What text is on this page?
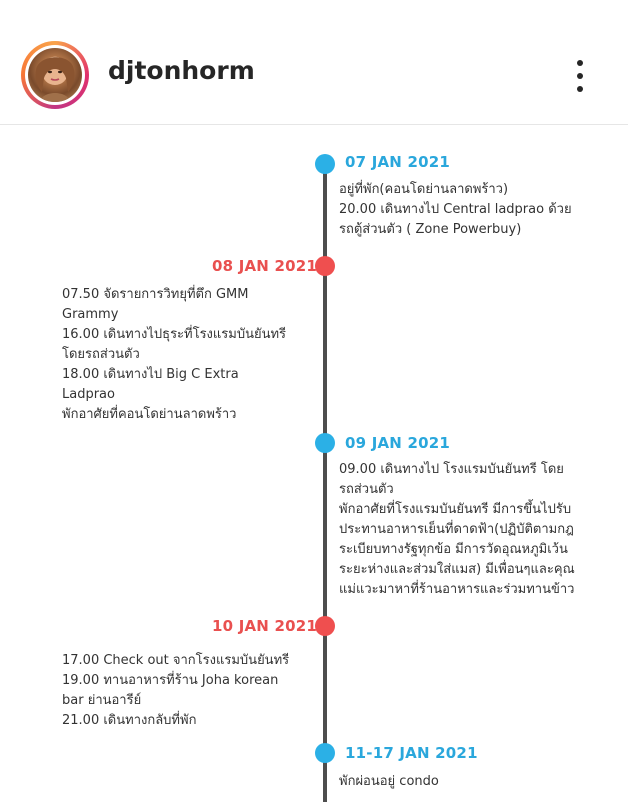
djtonhorm
07 JAN 2021
อยู่ที่พัก(คอนโดย่านลาดพร้าว)
20.00 เดินทางไป Central ladprao ด้วย
รถตู้ส่วนตัว ( Zone Powerbuy)
08 JAN 2021
07.50 จัดรายการวิทยุที่ตึก GMM
Grammy
16.00 เดินทางไปธุระที่โรงแรมบันยันทรี
โดยรถส่วนตัว
18.00 เดินทางไป Big C Extra
Ladprao
พักอาศัยที่คอนโดย่านลาดพร้าว
09 JAN 2021
09.00 เดินทางไป โรงแรมบันยันทรี โดย
รถส่วนตัว
พักอาศัยที่โรงแรมบันยันทรี มีการขึ้นไปรับ
ประทานอาหารเย็นที่ดาดฟ้า(ปฏิบัติตามกฎ
ระเบียบทางรัฐทุกข้อ มีการวัดอุณหภูมิเว้น
ระยะห่างและส่วมใส่แมส) มีเพื่อนๆและคุณ
แม่แวะมาหาที่ร้านอาหารและร่วมทานข้าว
10 JAN 2021
17.00 Check out จากโรงแรมบันยันทรี
19.00 ทานอาหารที่ร้าน Joha korean
bar ย่านอารีย์
21.00 เดินทางกลับที่พัก
11-17 JAN 2021
พักผ่อนอยู่ condo
